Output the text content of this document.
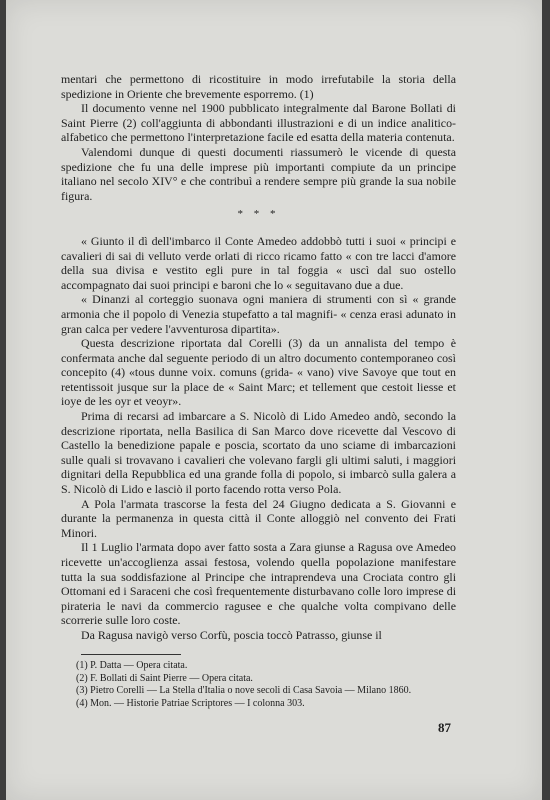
mentari che permettono di ricostituire in modo irrefutabile la storia della spedizione in Oriente che brevemente esporremo. (1)

Il documento venne nel 1900 pubblicato integralmente dal Barone Bollati di Saint Pierre (2) coll'aggiunta di abbondanti illustrazioni e di un indice analitico-alfabetico che permettono l'interpretazione facile ed esatta della materia contenuta.

Valendomi dunque di questi documenti riassumerò le vicende di questa spedizione che fu una delle imprese più importanti compiute da un principe italiano nel secolo XIV° e che contribuì a rendere sempre più grande la sua nobile figura.

* * *

« Giunto il dì dell'imbarco il Conte Amedeo addobbò tutti i suoi « principi e cavalieri di sai di velluto verde orlati di ricco ricamo fatto « con tre lacci d'amore della sua divisa e vestito egli pure in tal foggia « uscì dal suo ostello accompagnato dai suoi principi e baroni che lo « seguitavano due a due.

« Dinanzi al corteggio suonava ogni maniera di strumenti con sì « grande armonia che il popolo di Venezia stupefatto a tal magnifi- « cenza erasi adunato in gran calca per vedere l'avventurosa dipartita».

Questa descrizione riportata dal Corelli (3) da un annalista del tempo è confermata anche dal seguente periodo di un altro documento contemporaneo così concepito (4) «tous dunne voix. comuns (grida- « vano) vive Savoye que tout en retentissoit jusque sur la place de « Saint Marc; et tellement que cestoit liesse et ioye de les oyr et veoyr».

Prima di recarsi ad imbarcare a S. Nicolò di Lido Amedeo andò, secondo la descrizione riportata, nella Basilica di San Marco dove ricevette dal Vescovo di Castello la benedizione papale e poscia, scortato da uno sciame di imbarcazioni sulle quali si trovavano i cavalieri che volevano fargli gli ultimi saluti, i maggiori dignitari della Repubblica ed una grande folla di popolo, si imbarcò sulla galera a S. Nicolò di Lido e lasciò il porto facendo rotta verso Pola.

A Pola l'armata trascorse la festa del 24 Giugno dedicata a S. Giovanni e durante la permanenza in questa città il Conte alloggiò nel convento dei Frati Minori.

Il 1 Luglio l'armata dopo aver fatto sosta a Zara giunse a Ragusa ove Amedeo ricevette un'accoglienza assai festosa, volendo quella popolazione manifestare tutta la sua soddisfazione al Principe che intraprendeva una Crociata contro gli Ottomani ed i Saraceni che così frequentemente disturbavano colle loro imprese di pirateria le navi da commercio ragusee e che qualche volta compivano delle scorrerie sulle loro coste.

Da Ragusa navigò verso Corfù, poscia toccò Patrasso, giunse il

(1) P. Datta — Opera citata.

(2) F. Bollati di Saint Pierre — Opera citata.

(3) Pietro Corelli — La Stella d'Italia o nove secoli di Casa Savoia — Milano 1860.

(4) Mon. — Historie Patriae Scriptores — I colonna 303.

87
